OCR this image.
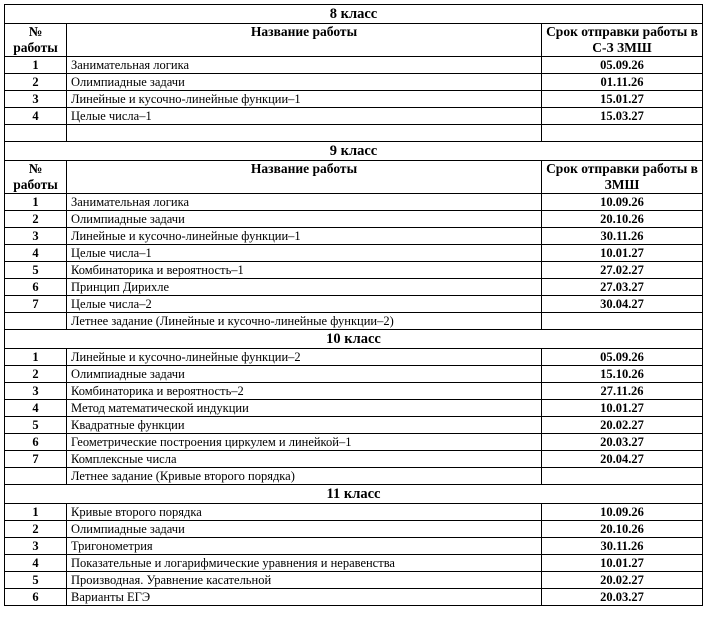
8 класс		
№ работы	Название работы	Срок отправки работы в С-З ЗМШ
1	Занимательная логика	05.09.26
2	Олимпиадные задачи	01.11.26
3	Линейные и кусочно-линейные функции–1	15.01.27
4	Целые числа–1	15.03.27

9 класс		
№ работы	Название работы	Срок отправки работы в ЗМШ
1	Занимательная логика	10.09.26
2	Олимпиадные задачи	20.10.26
3	Линейные и кусочно-линейные функции–1	30.11.26
4	Целые числа–1	10.01.27
5	Комбинаторика и вероятность–1	27.02.27
6	Принцип Дирихле	27.03.27
7	Целые числа–2	30.04.27
	Летнее задание (Линейные и кусочно-линейные функции–2)	
10 класс		
1	Линейные и кусочно-линейные функции–2	05.09.26
2	Олимпиадные задачи	15.10.26
3	Комбинаторика и вероятность–2	27.11.26
4	Метод математической индукции	10.01.27
5	Квадратные функции	20.02.27
6	Геометрические построения циркулем и линейкой–1	20.03.27
7	Комплексные числа	20.04.27
	Летнее задание (Кривые второго порядка)	
11 класс		
1	Кривые второго порядка	10.09.26
2	Олимпиадные задачи	20.10.26
3	Тригонометрия	30.11.26
4	Показательные и логарифмические уравнения и неравенства	10.01.27
5	Производная. Уравнение касательной	20.02.27
6	Варианты ЕГЭ	20.03.27
